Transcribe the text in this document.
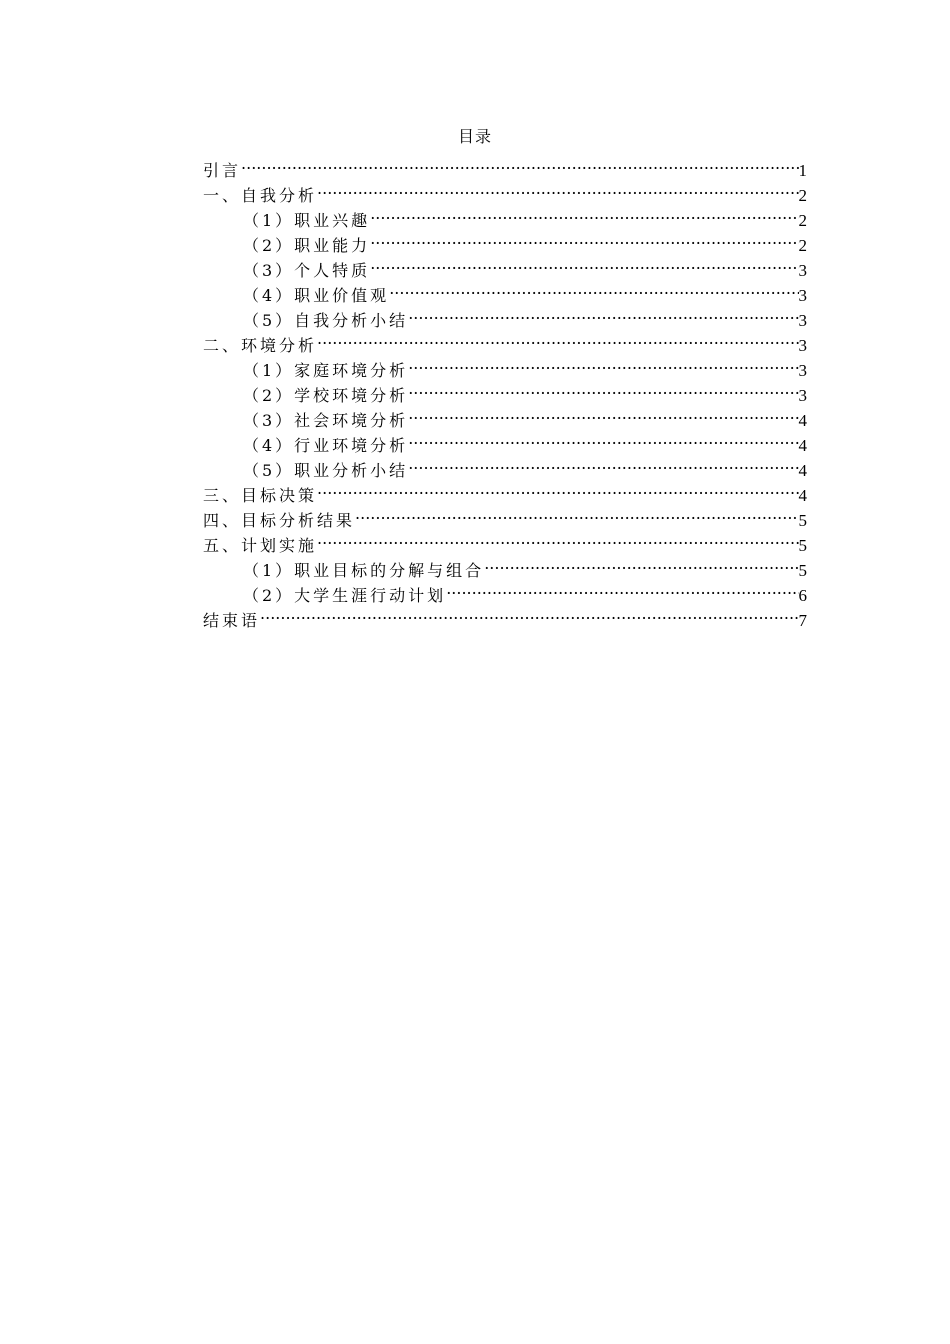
目录
引言 .....	1
一、自我分析 .....	2
（1）职业兴趣 .....	2
（2）职业能力 .....	2
（3）个人特质 .....	3
（4）职业价值观 .....	3
（5）自我分析小结 .....	3
二、环境分析 .....	3
（1）家庭环境分析 .....	3
（2）学校环境分析 .....	3
（3）社会环境分析 .....	4
（4）行业环境分析 .....	4
（5）职业分析小结 .....	4
三、目标决策 .....	4
四、目标分析结果 .....	5
五、计划实施 .....	5
（1）职业目标的分解与组合 .....	5
（2）大学生涯行动计划 .....	6
结束语 .....	7
